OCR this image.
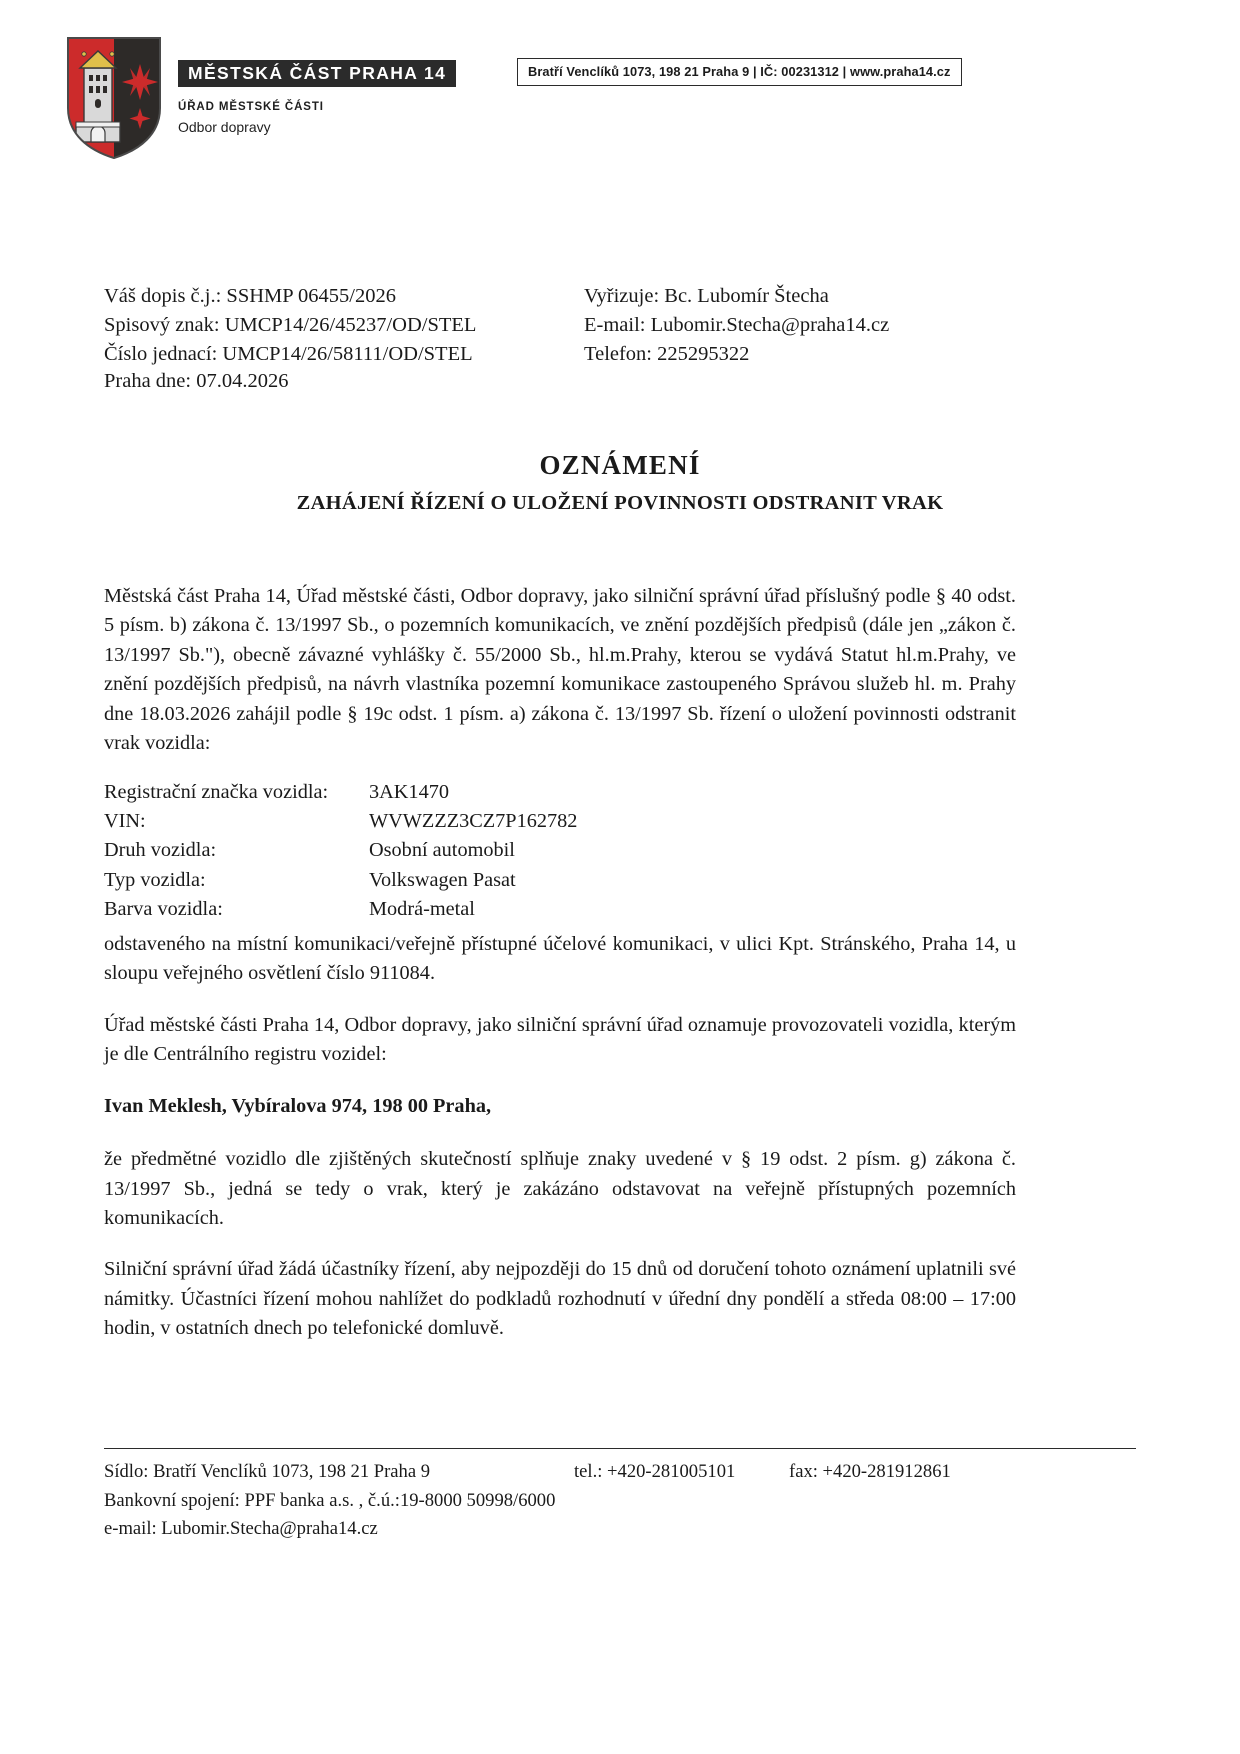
MĚSTSKÁ ČÁST PRAHA 14
ÚŘAD MĚSTSKÉ ČÁSTI
Odbor dopravy
Bratří Venclíků 1073, 198 21 Praha 9 | IČ: 00231312 | www.praha14.cz
Váš dopis č.j.: SSHMP 06455/2026
Spisový znak: UMCP14/26/45237/OD/STEL
Číslo jednací: UMCP14/26/58111/OD/STEL
Vyřizuje: Bc. Lubomír Štecha
E-mail: Lubomir.Stecha@praha14.cz
Telefon: 225295322
Praha dne: 07.04.2026
OZNÁMENÍ
ZAHÁJENÍ ŘÍZENÍ O ULOŽENÍ POVINNOSTI ODSTRANIT VRAK

Městská část Praha 14, Úřad městské části, Odbor dopravy, jako silniční správní úřad příslušný podle § 40 odst. 5 písm. b) zákona č. 13/1997 Sb., o pozemních komunikacích, ve znění pozdějších předpisů (dále jen „zákon č. 13/1997 Sb."), obecně závazné vyhlášky č. 55/2000 Sb., hl.m.Prahy, kterou se vydává Statut hl.m.Prahy, ve znění pozdějších předpisů, na návrh vlastníka pozemní komunikace zastoupeného Správou služeb hl. m. Prahy dne 18.03.2026 zahájil podle § 19c odst. 1 písm. a) zákona č. 13/1997 Sb. řízení o uložení povinnosti odstranit vrak vozidla:

Registrační značka vozidla:	3AK1470
VIN:	WVWZZZ3CZ7P162782
Druh vozidla:	Osobní automobil
Typ vozidla:	Volkswagen Pasat
Barva vozidla:	Modrá-metal

odstaveného na místní komunikaci/veřejně přístupné účelové komunikaci, v ulici Kpt. Stránského, Praha 14, u sloupu veřejného osvětlení číslo 911084.

Úřad městské části Praha 14, Odbor dopravy, jako silniční správní úřad oznamuje provozovateli vozidla, kterým je dle Centrálního registru vozidel:

Ivan Meklesh, Vybíralova 974, 198 00 Praha,

že předmětné vozidlo dle zjištěných skutečností splňuje znaky uvedené v § 19 odst. 2 písm. g) zákona č. 13/1997 Sb., jedná se tedy o vrak, který je zakázáno odstavovat na veřejně přístupných pozemních komunikacích.

Silniční správní úřad žádá účastníky řízení, aby nejpozději do 15 dnů od doručení tohoto oznámení uplatnili své námitky. Účastníci řízení mohou nahlížet do podkladů rozhodnutí v úřední dny pondělí a středa 08:00 – 17:00 hodin, v ostatních dnech po telefonické domluvě.

Sídlo: Bratří Venclíků 1073, 198 21 Praha 9	tel.: +420-281005101	fax: +420-281912861
Bankovní spojení: PPF banka a.s. , č.ú.:19-8000 50998/6000
e-mail: Lubomir.Stecha@praha14.cz
